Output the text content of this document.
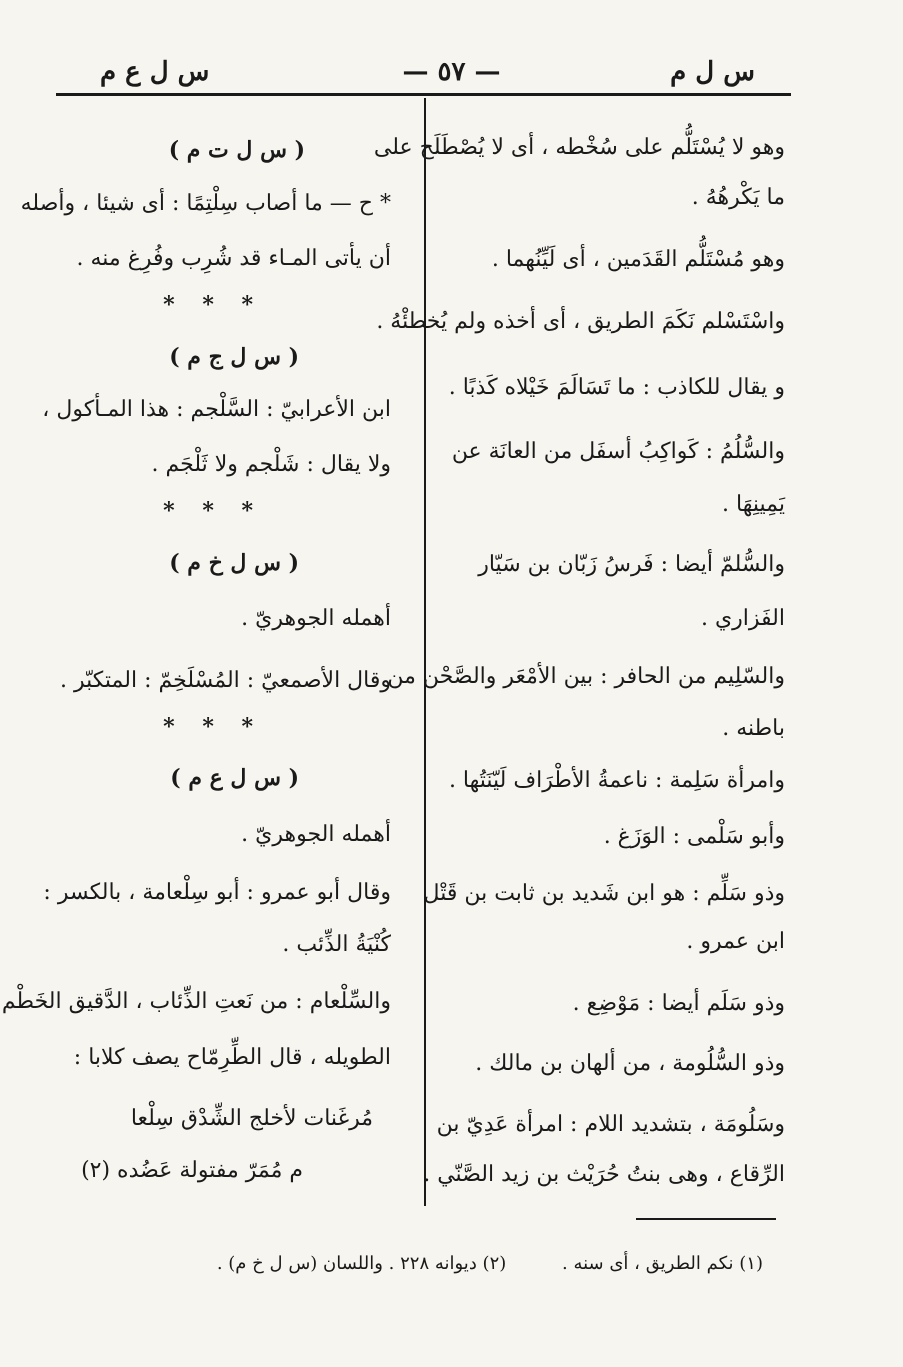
س ل م
— ٥٧ —
س ل ع م
وهو لا يُسْتَلُّم على سُخْطه ، أى لا يُصْطَلَح على
ما يَكْرهُهُ .
وهو مُسْتَلُّم القَدَمين ، أى لَيِّنُهما .
واسْتَسْلم نَكَمَ الطريق ، أى أخذه ولم يُخطئْهُ .
و يقال للكاذب : ما تَسَالَمَ خَيْلاه كَذبًا .
والسُّلُمُ : كَواكِبُ أسفَل من العانَة عن
يَمِينِهَا .
والسُّلمّ أيضا : فَرسُ زَبّان بن سَيّار
الفَزاري .
والسّلِيم من الحافر : بين الأمْعَر والصَّحْن من
باطنه .
وامرأة سَلِمة : ناعمةُ الأطْرَاف لَيّنَتُها .
وأبو سَلْمى : الوَزَغ .
وذو سَلِّم : هو ابن شَديد بن ثابت بن قَتْل
ابن عمرو .
وذو سَلَم أيضا : مَوْضِع .
وذو السُّلُومة ، من ألهان بن مالك .
وسَلُومَة ، بتشديد اللام : امرأة عَدِيّ بن
الرِّقاع ، وهى بنتُ حُرَيْث بن زيد الصَّنّي .
( س ل ت م )
* ح — ما أصاب سِلْتِمًا : أى شيئا ، وأصله
أن يأتى المـاء قد شُرِب وفُرِغ منه .
* * *
( س ل ج م )
ابن الأعرابيّ : السَّلْجم : هذا المـأكول ،
ولا يقال : شَلْجم ولا ثَلْجَم .
* * *
( س ل خ م )
أهمله الجوهريّ .
وقال الأصمعيّ : المُسْلَخِمّ : المتكبّر .
* * *
( س ل ع م )
أهمله الجوهريّ .
وقال أبو عمرو : أبو سِلْعامة ، بالكسر :
كُنْيَةُ الذِّئب .
والسِّلْعام : من نَعتِ الذِّئاب ، الدَّقيق الخَطْم
الطويله ، قال الطِّرِمّاح يصف كلابا :
مُرغَنات لأخلج الشِّدْق سِلْعا
م مُمَرّ مفتولة عَضُده (٢)
(١) نكم الطريق ، أى سنه . (٢) ديوانه ٢٢٨ . واللسان (س ل خ م) .
